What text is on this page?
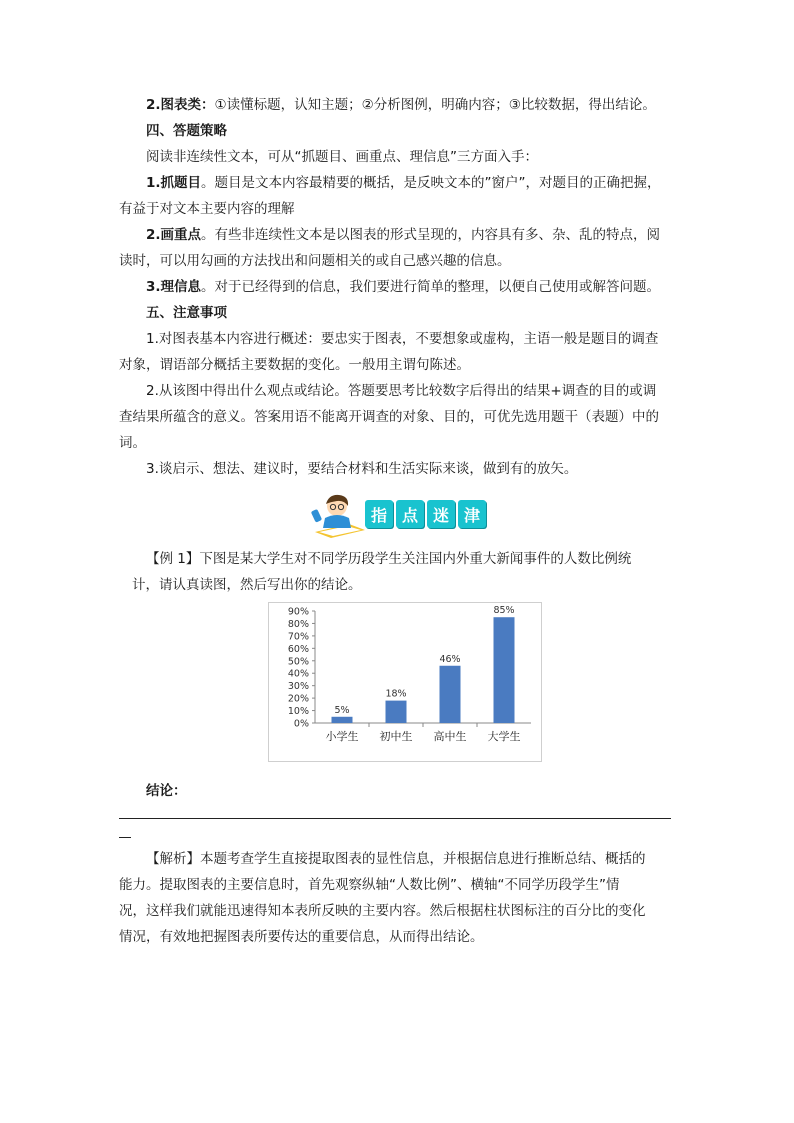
2.图表类：①读懂标题，认知主题；②分析图例，明确内容；③比较数据，得出结论。
四、答题策略
阅读非连续性文本，可从“抓题目、画重点、理信息”三方面入手：
1.抓题目。题目是文本内容最精要的概括，是反映文本的”窗户”，对题目的正确把握，
有益于对文本主要内容的理解
2.画重点。有些非连续性文本是以图表的形式呈现的，内容具有多、杂、乱的特点，阅
读时，可以用勾画的方法找出和问题相关的或自己感兴趣的信息。
3.理信息。对于已经得到的信息，我们要进行简单的整理，以便自己使用或解答问题。
五、注意事项
1.对图表基本内容进行概述：要忠实于图表，不要想象或虚构，主语一般是题目的调查
对象，谓语部分概括主要数据的变化。一般用主谓句陈述。
2.从该图中得出什么观点或结论。答题要思考比较数字后得出的结果+调查的目的或调
查结果所蕴含的意义。答案用语不能离开调查的对象、目的，可优先选用题干（表题）中的
词。
3.谈启示、想法、建议时，要结合材料和生活实际来谈，做到有的放矢。
指 点 迷 津
【例 1】下图是某大学生对不同学历段学生关注国内外重大新闻事件的人数比例统
计，请认真读图，然后写出你的结论。
0%
10%
20%
30%
40%
50%
60%
70%
80%
90%
5%
小学生
18%
初中生
46%
高中生
85%
大学生
结论：
【解析】本题考查学生直接提取图表的显性信息，并根据信息进行推断总结、概括的
能力。提取图表的主要信息时，首先观察纵轴“人数比例”、横轴“不同学历段学生”情
况，这样我们就能迅速得知本表所反映的主要内容。然后根据柱状图标注的百分比的变化
情况，有效地把握图表所要传达的重要信息，从而得出结论。
